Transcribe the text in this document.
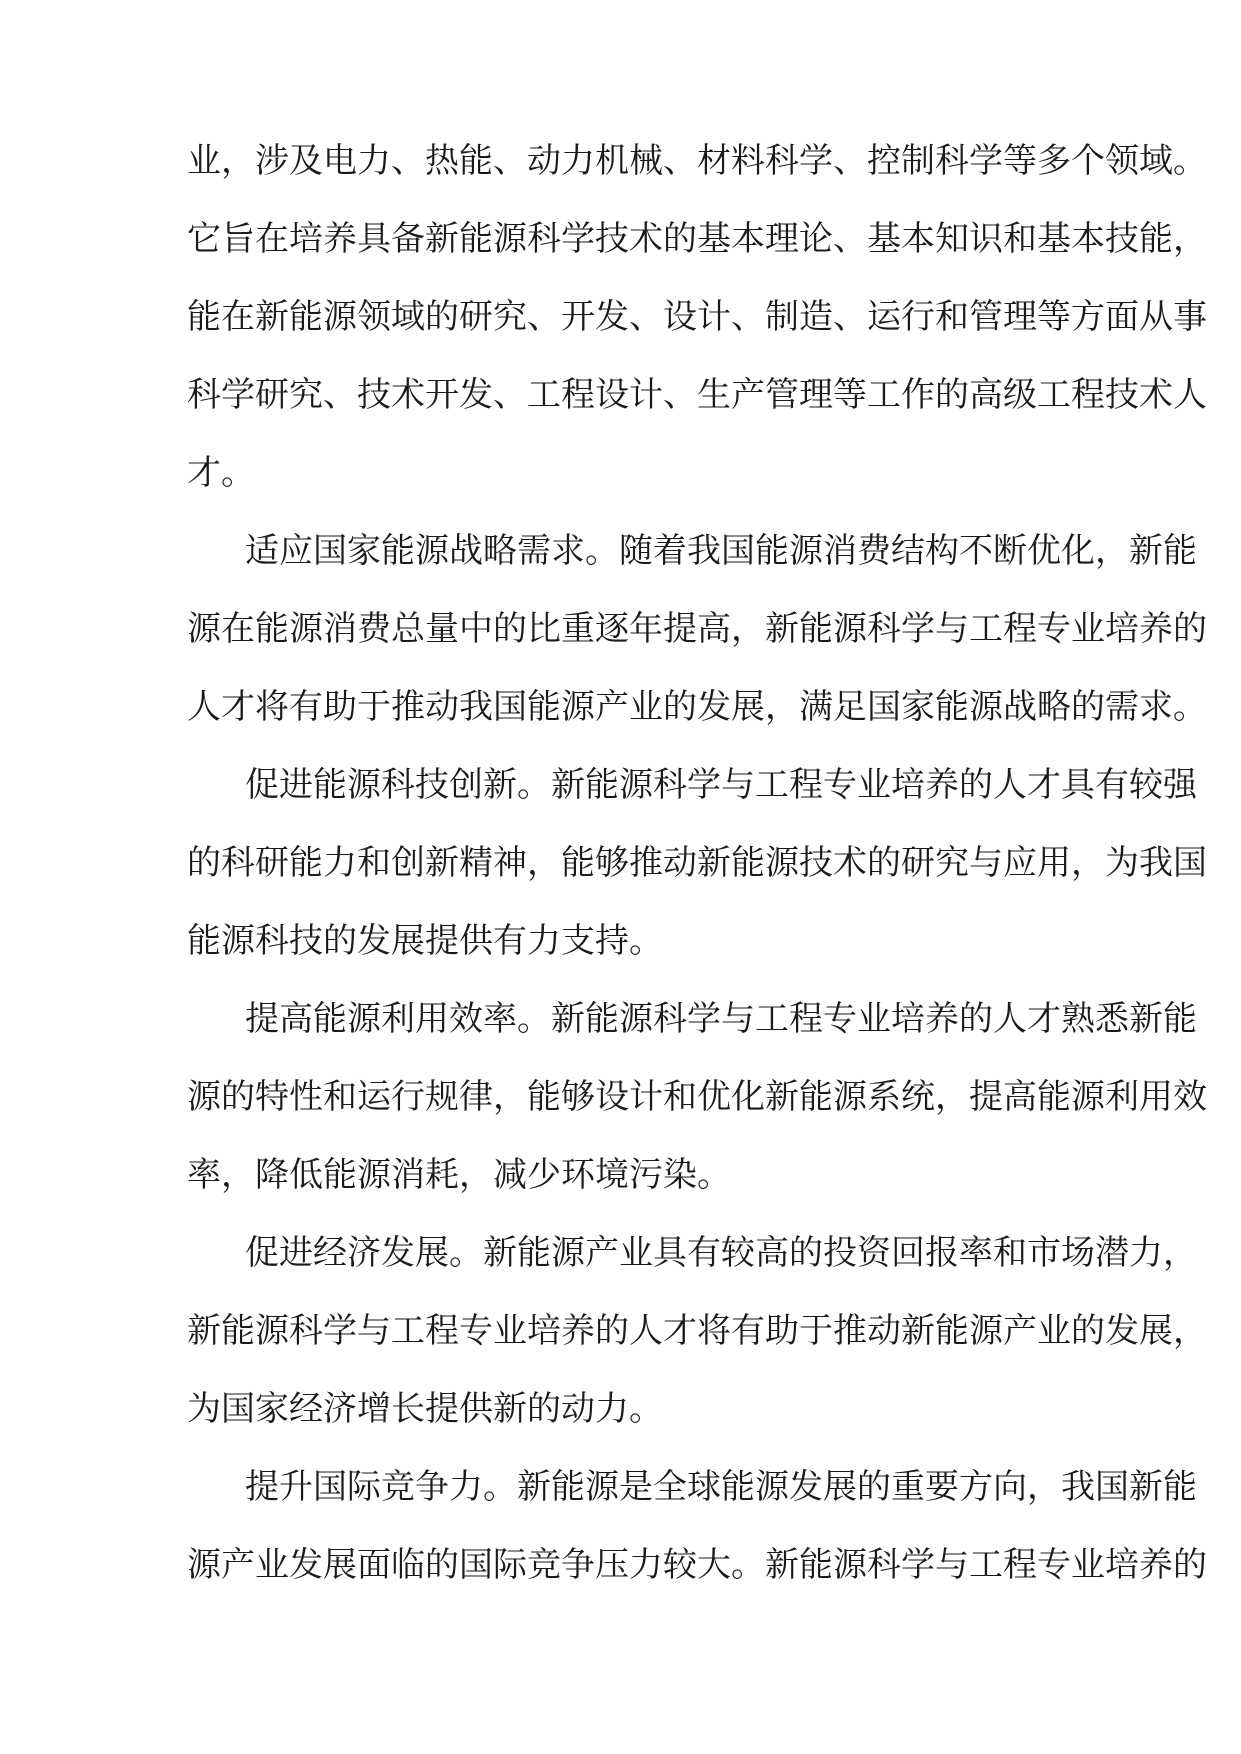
业，涉及电力、热能、动力机械、材料科学、控制科学等多个领域。
它旨在培养具备新能源科学技术的基本理论、基本知识和基本技能，
能在新能源领域的研究、开发、设计、制造、运行和管理等方面从事
科学研究、技术开发、工程设计、生产管理等工作的高级工程技术人
才。
适应国家能源战略需求。随着我国能源消费结构不断优化，新能
源在能源消费总量中的比重逐年提高，新能源科学与工程专业培养的
人才将有助于推动我国能源产业的发展，满足国家能源战略的需求。
促进能源科技创新。新能源科学与工程专业培养的人才具有较强
的科研能力和创新精神，能够推动新能源技术的研究与应用，为我国
能源科技的发展提供有力支持。
提高能源利用效率。新能源科学与工程专业培养的人才熟悉新能
源的特性和运行规律，能够设计和优化新能源系统，提高能源利用效
率，降低能源消耗，减少环境污染。
促进经济发展。新能源产业具有较高的投资回报率和市场潜力，
新能源科学与工程专业培养的人才将有助于推动新能源产业的发展，
为国家经济增长提供新的动力。
提升国际竞争力。新能源是全球能源发展的重要方向，我国新能
源产业发展面临的国际竞争压力较大。新能源科学与工程专业培养的
